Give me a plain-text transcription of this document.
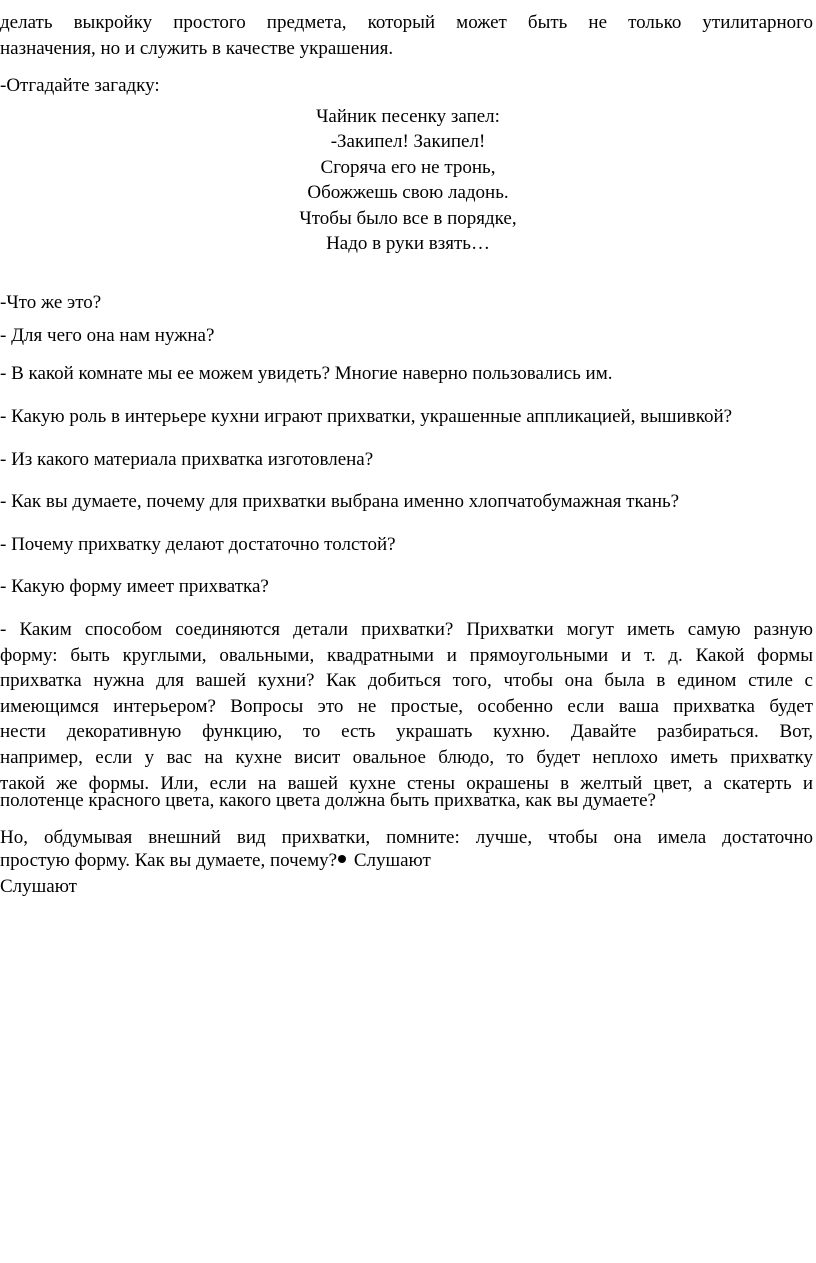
делать выкройку простого предмета, который может быть не только утилитарного
назначения, но и служить в качестве украшения.
-Отгадайте загадку:
Чайник песенку запел:
-Закипел! Закипел!
Сгоряча его не тронь,
Обожжешь свою ладонь.
Чтобы было все в порядке,
Надо в руки взять…
-Что же это?
- Для чего она нам нужна?
- В какой комнате мы ее можем увидеть? Многие наверно пользовались им.
- Какую роль в интерьере кухни играют прихватки, украшенные аппликацией, вышивкой?
- Из какого материала прихватка изготовлена?
- Как вы думаете, почему для прихватки выбрана именно хлопчатобумажная ткань?
- Почему прихватку делают достаточно толстой?
- Какую форму имеет прихватка?
- Каким способом соединяются детали прихватки? Прихватки могут иметь самую разную
форму: быть круглыми, овальными, квадратными и прямоугольными и т. д. Какой формы
прихватка нужна для вашей кухни? Как добиться того, чтобы она была в едином стиле с
имеющимся интерьером? Вопросы это не простые, особенно если ваша прихватка будет
нести декоративную функцию, то есть украшать кухню. Давайте разбираться. Вот,
например, если у вас на кухне висит овальное блюдо, то будет неплохо иметь прихватку
такой же формы. Или, если на вашей кухне стены окрашены в желтый цвет, а скатерть и
полотенце красного цвета, какого цвета должна быть прихватка, как вы думаете?
Но, обдумывая внешний вид прихватки, помните: лучше, чтобы она имела достаточно
простую форму. Как вы думаете, почему? Слушают
Слушают
